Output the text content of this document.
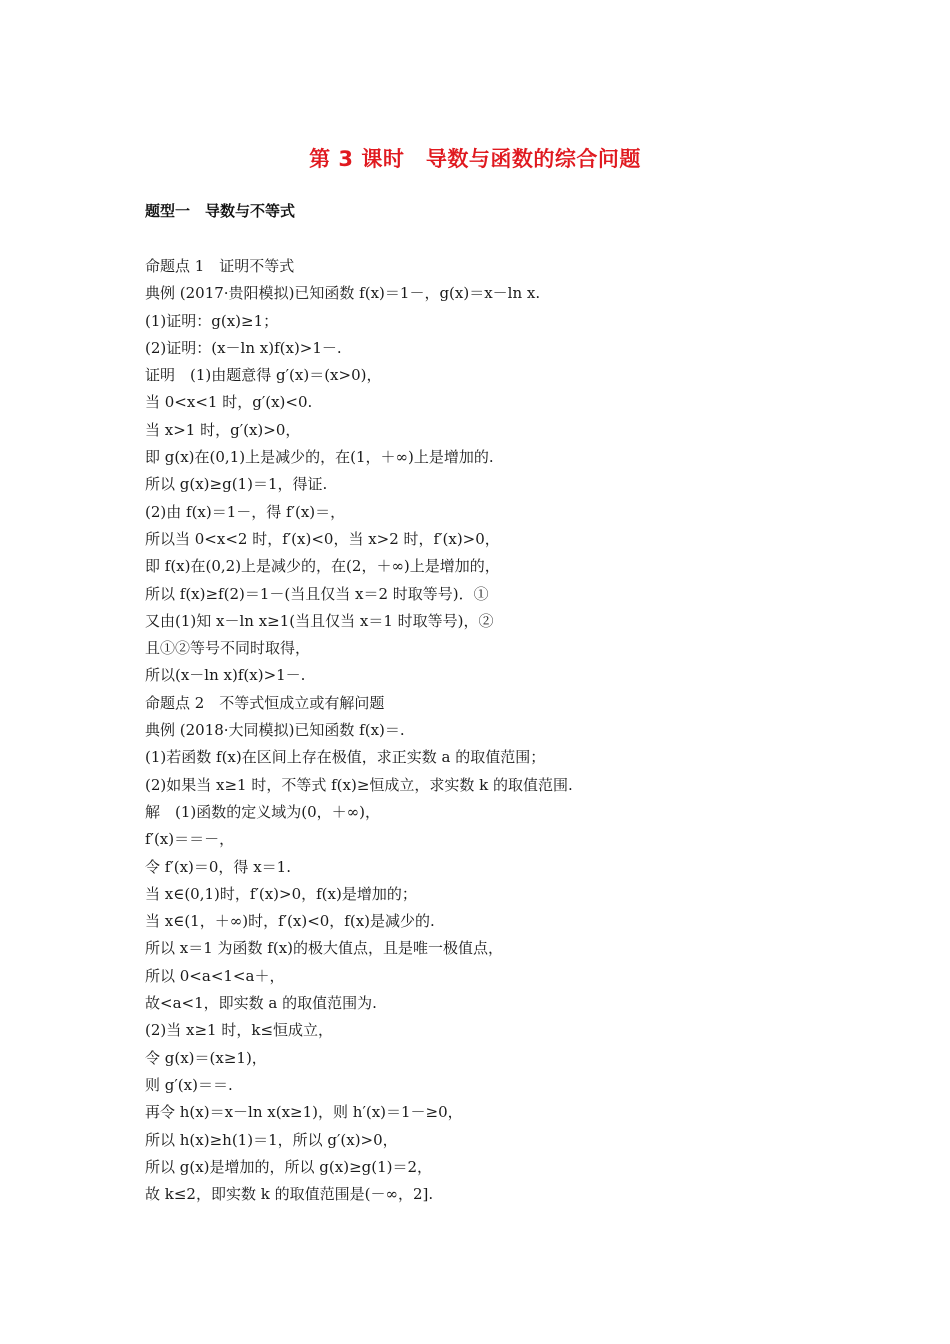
第 3 课时　导数与函数的综合问题
题型一　导数与不等式
命题点 1　证明不等式
典例 (2017·贵阳模拟)已知函数 f(x)＝1－，g(x)＝x－ln x.
(1)证明：g(x)≥1；
(2)证明：(x－ln x)f(x)>1－.
证明　(1)由题意得 g′(x)＝(x>0)，
当 0<x<1 时，g′(x)<0.
当 x>1 时，g′(x)>0，
即 g(x)在(0,1)上是减少的，在(1，＋∞)上是增加的.
所以 g(x)≥g(1)＝1，得证.
(2)由 f(x)＝1－，得 f′(x)＝，
所以当 0<x<2 时，f′(x)<0，当 x>2 时，f′(x)>0，
即 f(x)在(0,2)上是减少的，在(2，＋∞)上是增加的，
所以 f(x)≥f(2)＝1－(当且仅当 x＝2 时取等号)．①
又由(1)知 x－ln x≥1(当且仅当 x＝1 时取等号)，②
且①②等号不同时取得，
所以(x－ln x)f(x)>1－.
命题点 2　不等式恒成立或有解问题
典例 (2018·大同模拟)已知函数 f(x)＝.
(1)若函数 f(x)在区间上存在极值，求正实数 a 的取值范围；
(2)如果当 x≥1 时，不等式 f(x)≥恒成立，求实数 k 的取值范围.
解　(1)函数的定义域为(0，＋∞)，
f′(x)＝＝－，
令 f′(x)＝0，得 x＝1.
当 x∈(0,1)时，f′(x)>0，f(x)是增加的；
当 x∈(1，＋∞)时，f′(x)<0，f(x)是减少的.
所以 x＝1 为函数 f(x)的极大值点，且是唯一极值点，
所以 0<a<1<a＋，
故<a<1，即实数 a 的取值范围为.
(2)当 x≥1 时，k≤恒成立，
令 g(x)＝(x≥1)，
则 g′(x)＝＝.
再令 h(x)＝x－ln x(x≥1)，则 h′(x)＝1－≥0，
所以 h(x)≥h(1)＝1，所以 g′(x)>0，
所以 g(x)是增加的，所以 g(x)≥g(1)＝2，
故 k≤2，即实数 k 的取值范围是(－∞，2].
